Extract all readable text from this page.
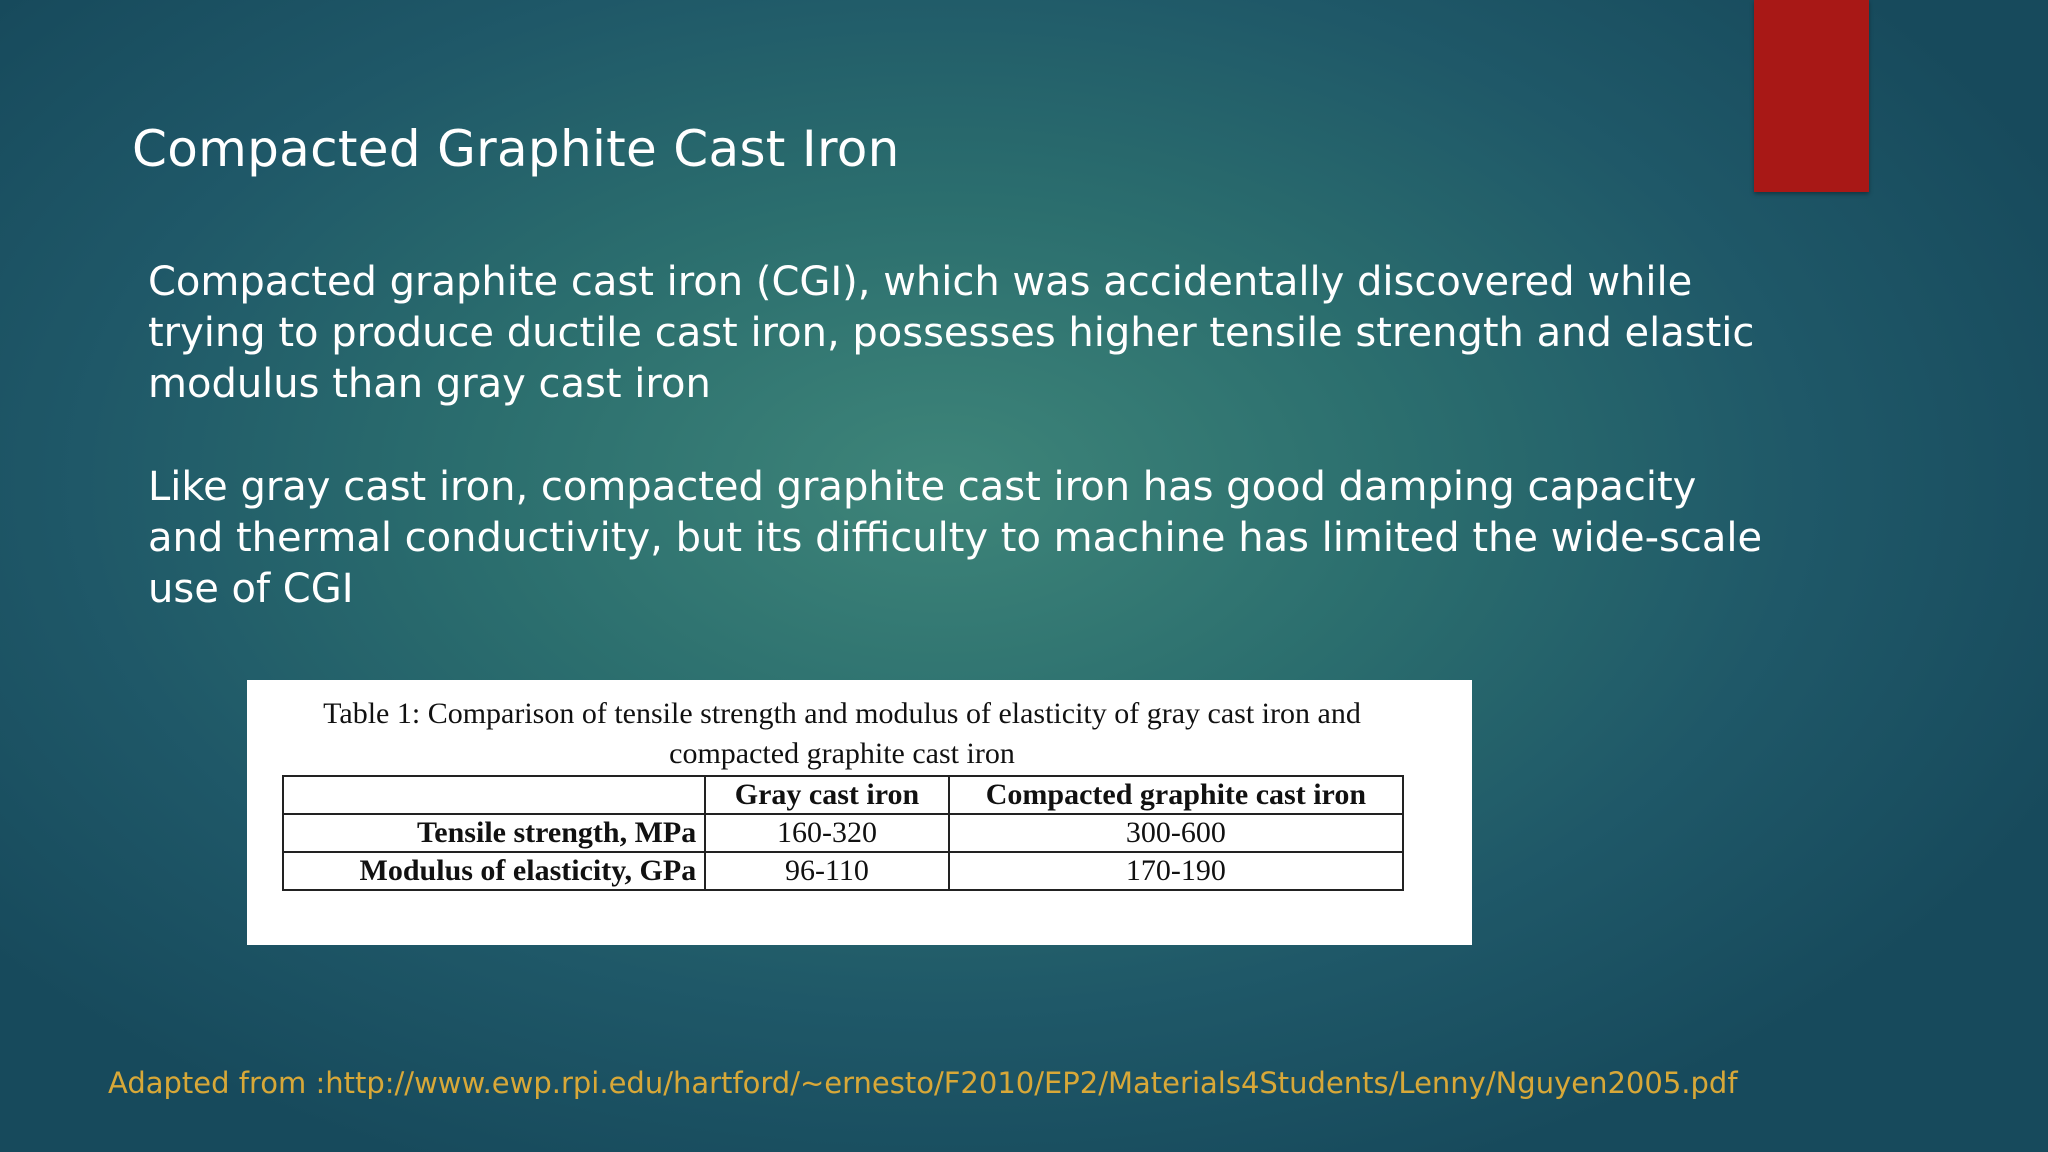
Compacted Graphite Cast Iron

Compacted graphite cast iron (CGI), which was accidentally discovered while
trying to produce ductile cast iron, possesses higher tensile strength and elastic
modulus than gray cast iron

Like gray cast iron, compacted graphite cast iron has good damping capacity
and thermal conductivity, but its difficulty to machine has limited the wide-scale
use of CGI

Table 1: Comparison of tensile strength and modulus of elasticity of gray cast iron and
compacted graphite cast iron

	Gray cast iron	Compacted graphite cast iron
Tensile strength, MPa	160-320	300-600
Modulus of elasticity, GPa	96-110	170-190

Adapted from :http://www.ewp.rpi.edu/hartford/~ernesto/F2010/EP2/Materials4Students/Lenny/Nguyen2005.pdf
